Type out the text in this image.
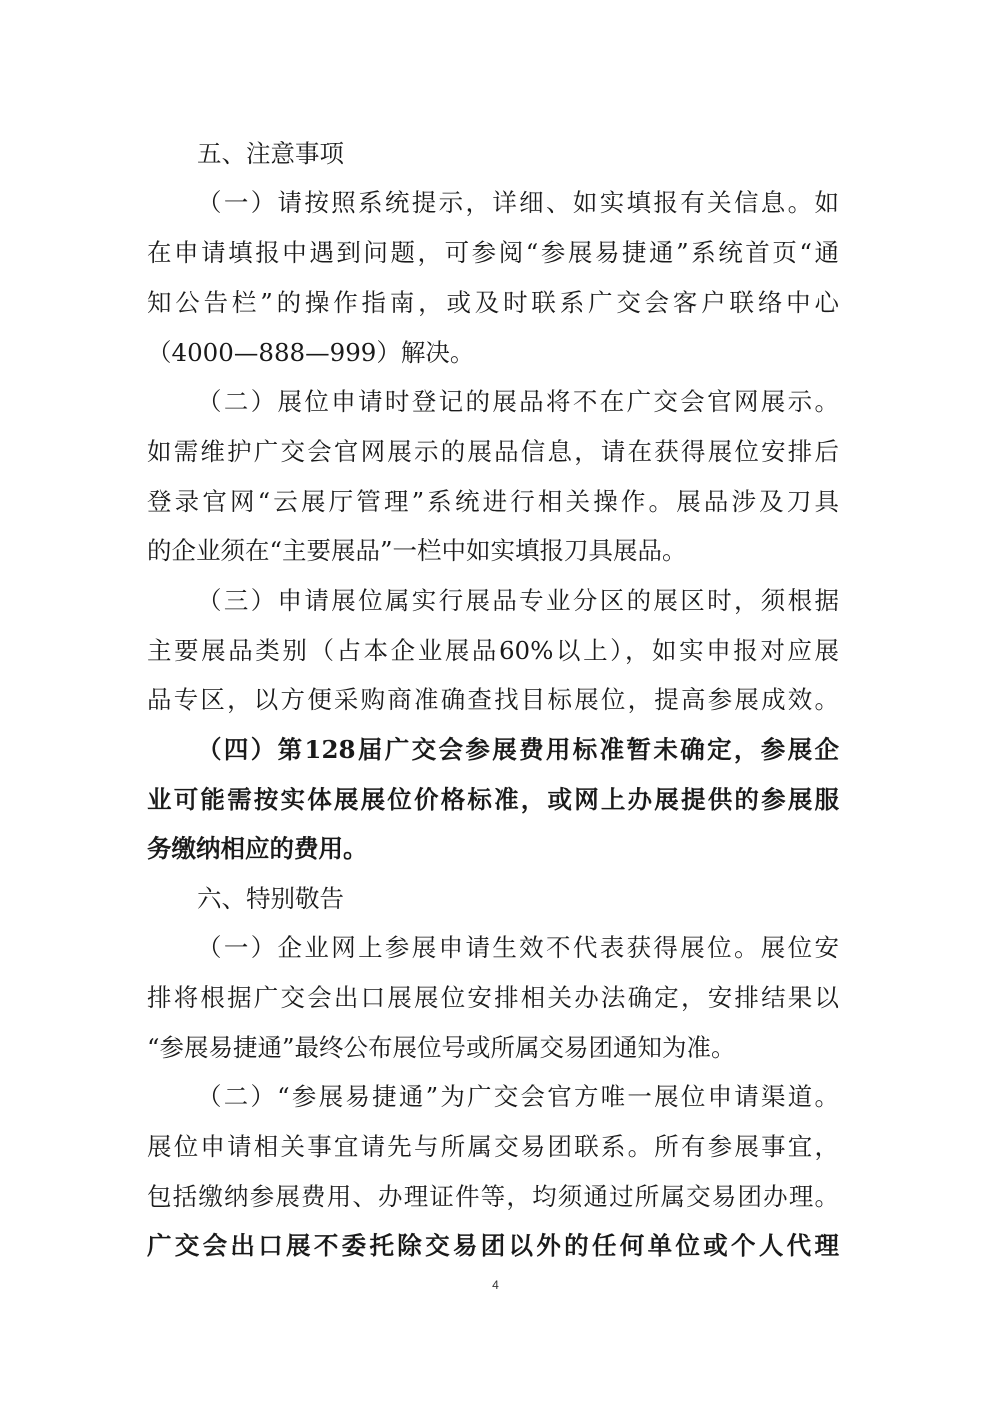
五、注意事项
（一）请按照系统提示，详细、如实填报有关信息。如
在申请填报中遇到问题，可参阅“参展易捷通”系统首页“通
知公告栏”的操作指南，或及时联系广交会客户联络中心
（4000—888—999）解决。
（二）展位申请时登记的展品将不在广交会官网展示。
如需维护广交会官网展示的展品信息，请在获得展位安排后
登录官网“云展厅管理”系统进行相关操作。展品涉及刀具
的企业须在“主要展品”一栏中如实填报刀具展品。
（三）申请展位属实行展品专业分区的展区时，须根据
主要展品类别（占本企业展品60%以上），如实申报对应展
品专区，以方便采购商准确查找目标展位，提高参展成效。
（四）第128届广交会参展费用标准暂未确定，参展企
业可能需按实体展展位价格标准，或网上办展提供的参展服
务缴纳相应的费用。
六、特别敬告
（一）企业网上参展申请生效不代表获得展位。展位安
排将根据广交会出口展展位安排相关办法确定，安排结果以
“参展易捷通”最终公布展位号或所属交易团通知为准。
（二）“参展易捷通”为广交会官方唯一展位申请渠道。
展位申请相关事宜请先与所属交易团联系。所有参展事宜，
包括缴纳参展费用、办理证件等，均须通过所属交易团办理。
广交会出口展不委托除交易团以外的任何单位或个人代理
4
